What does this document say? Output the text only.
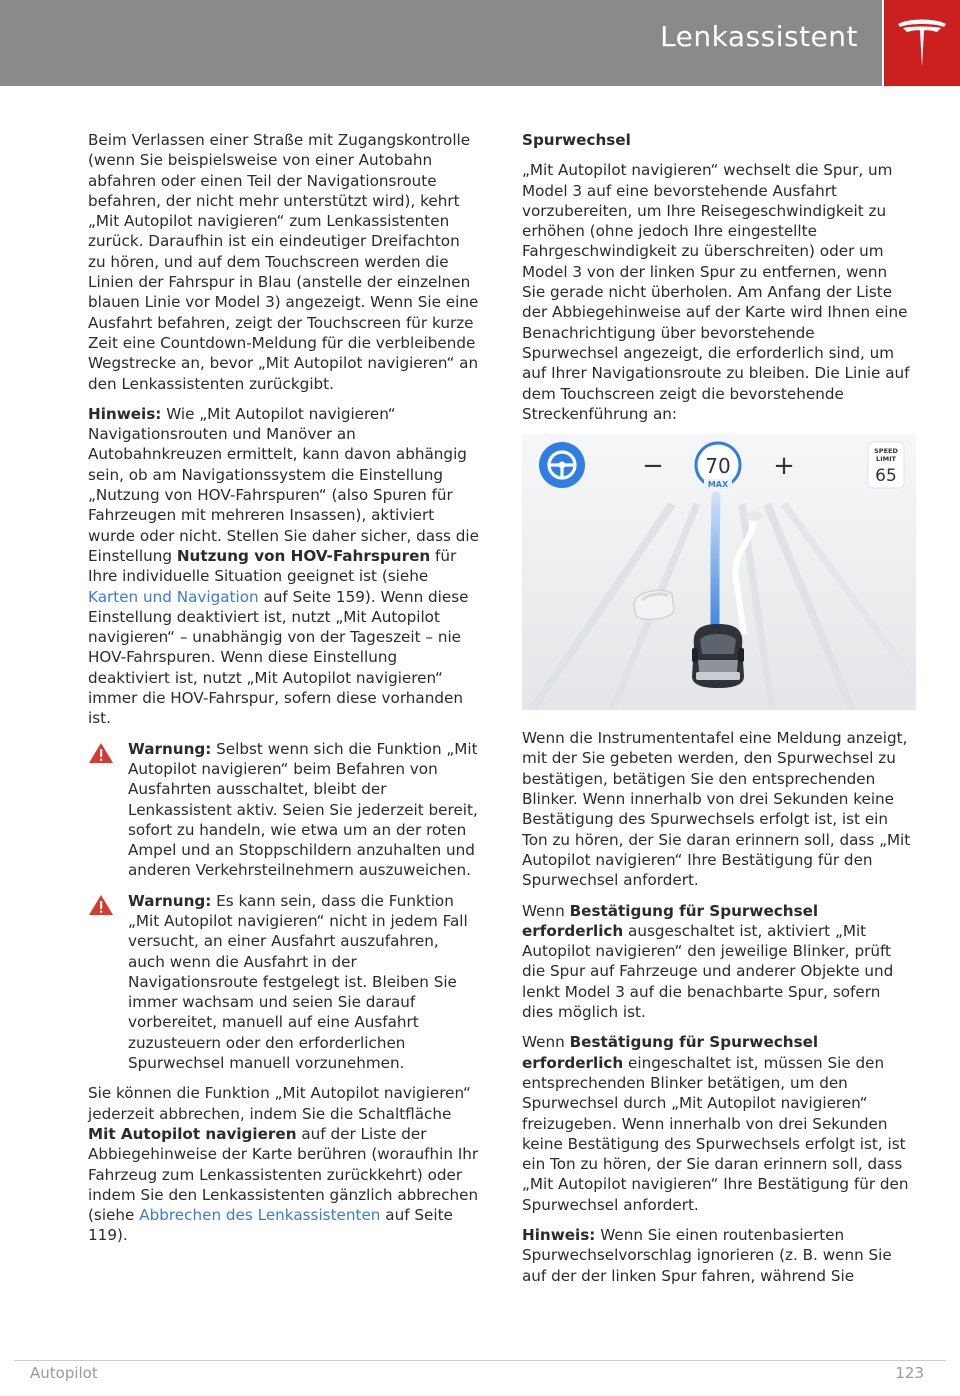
Lenkassistent

Beim Verlassen einer Straße mit Zugangskontrolle (wenn Sie beispielsweise von einer Autobahn abfahren oder einen Teil der Navigationsroute befahren, der nicht mehr unterstützt wird), kehrt „Mit Autopilot navigieren“ zum Lenkassistenten zurück. Daraufhin ist ein eindeutiger Dreifachton zu hören, und auf dem Touchscreen werden die Linien der Fahrspur in Blau (anstelle der einzelnen blauen Linie vor Model 3) angezeigt. Wenn Sie eine Ausfahrt befahren, zeigt der Touchscreen für kurze Zeit eine Countdown-Meldung für die verbleibende Wegstrecke an, bevor „Mit Autopilot navigieren“ an den Lenkassistenten zurückgibt.

Hinweis: Wie „Mit Autopilot navigieren“ Navigationsrouten und Manöver an Autobahnkreuzen ermittelt, kann davon abhängig sein, ob am Navigationssystem die Einstellung „Nutzung von HOV-Fahrspuren“ (also Spuren für Fahrzeugen mit mehreren Insassen), aktiviert wurde oder nicht. Stellen Sie daher sicher, dass die Einstellung Nutzung von HOV-Fahrspuren für Ihre individuelle Situation geeignet ist (siehe Karten und Navigation auf Seite 159). Wenn diese Einstellung deaktiviert ist, nutzt „Mit Autopilot navigieren“ – unabhängig von der Tageszeit – nie HOV-Fahrspuren. Wenn diese Einstellung deaktiviert ist, nutzt „Mit Autopilot navigieren“ immer die HOV-Fahrspur, sofern diese vorhanden ist.

Warnung: Selbst wenn sich die Funktion „Mit Autopilot navigieren“ beim Befahren von Ausfahrten ausschaltet, bleibt der Lenkassistent aktiv. Seien Sie jederzeit bereit, sofort zu handeln, wie etwa um an der roten Ampel und an Stoppschildern anzuhalten und anderen Verkehrsteilnehmern auszuweichen.
Warnung: Es kann sein, dass die Funktion „Mit Autopilot navigieren“ nicht in jedem Fall versucht, an einer Ausfahrt auszufahren, auch wenn die Ausfahrt in der Navigationsroute festgelegt ist. Bleiben Sie immer wachsam und seien Sie darauf vorbereitet, manuell auf eine Ausfahrt zuzusteuern oder den erforderlichen Spurwechsel manuell vorzunehmen.

Sie können die Funktion „Mit Autopilot navigieren“ jederzeit abbrechen, indem Sie die Schaltfläche Mit Autopilot navigieren auf der Liste der Abbiegehinweise der Karte berühren (woraufhin Ihr Fahrzeug zum Lenkassistenten zurückkehrt) oder indem Sie den Lenkassistenten gänzlich abbrechen (siehe Abbrechen des Lenkassistenten auf Seite 119).

Spurwechsel

„Mit Autopilot navigieren“ wechselt die Spur, um Model 3 auf eine bevorstehende Ausfahrt vorzubereiten, um Ihre Reisegeschwindigkeit zu erhöhen (ohne jedoch Ihre eingestellte Fahrgeschwindigkeit zu überschreiten) oder um Model 3 von der linken Spur zu entfernen, wenn Sie gerade nicht überholen. Am Anfang der Liste der Abbiegehinweise auf der Karte wird Ihnen eine Benachrichtigung über bevorstehende Spurwechsel angezeigt, die erforderlich sind, um auf Ihrer Navigationsroute zu bleiben. Die Linie auf dem Touchscreen zeigt die bevorstehende Streckenführung an:

− 70
MAX
+	SPEED
LIMIT
65

Wenn die Instrumententafel eine Meldung anzeigt, mit der Sie gebeten werden, den Spurwechsel zu bestätigen, betätigen Sie den entsprechenden Blinker. Wenn innerhalb von drei Sekunden keine Bestätigung des Spurwechsels erfolgt ist, ist ein Ton zu hören, der Sie daran erinnern soll, dass „Mit Autopilot navigieren“ Ihre Bestätigung für den Spurwechsel anfordert.

Wenn Bestätigung für Spurwechsel erforderlich ausgeschaltet ist, aktiviert „Mit Autopilot navigieren“ den jeweilige Blinker, prüft die Spur auf Fahrzeuge und anderer Objekte und lenkt Model 3 auf die benachbarte Spur, sofern dies möglich ist.

Wenn Bestätigung für Spurwechsel erforderlich eingeschaltet ist, müssen Sie den entsprechenden Blinker betätigen, um den Spurwechsel durch „Mit Autopilot navigieren“ freizugeben. Wenn innerhalb von drei Sekunden keine Bestätigung des Spurwechsels erfolgt ist, ist ein Ton zu hören, der Sie daran erinnern soll, dass „Mit Autopilot navigieren“ Ihre Bestätigung für den Spurwechsel anfordert.

Hinweis: Wenn Sie einen routenbasierten Spurwechselvorschlag ignorieren (z. B. wenn Sie auf der der linken Spur fahren, während Sie

Autopilot	123
